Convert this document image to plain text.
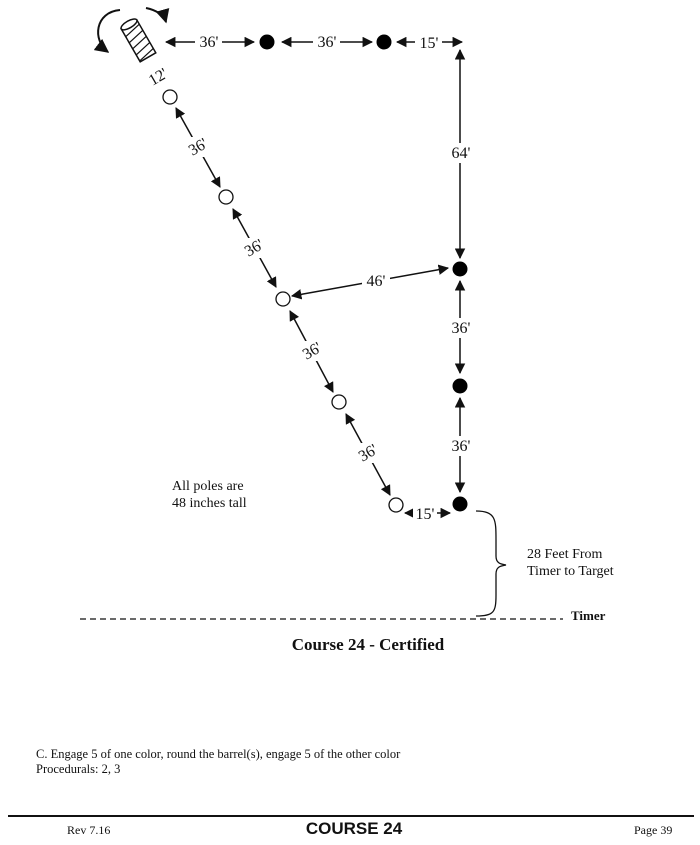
36'	36'	15'
12'
36'
36'
46'
36'
36'
64'
36'
36'
15'
All poles are
48 inches tall
28 Feet From
Timer to Target
Timer
Course 24 - Certified
C. Engage 5 of one color, round the barrel(s), engage 5 of the other color
Procedurals: 2, 3
Rev 7.16	COURSE 24	Page 39
